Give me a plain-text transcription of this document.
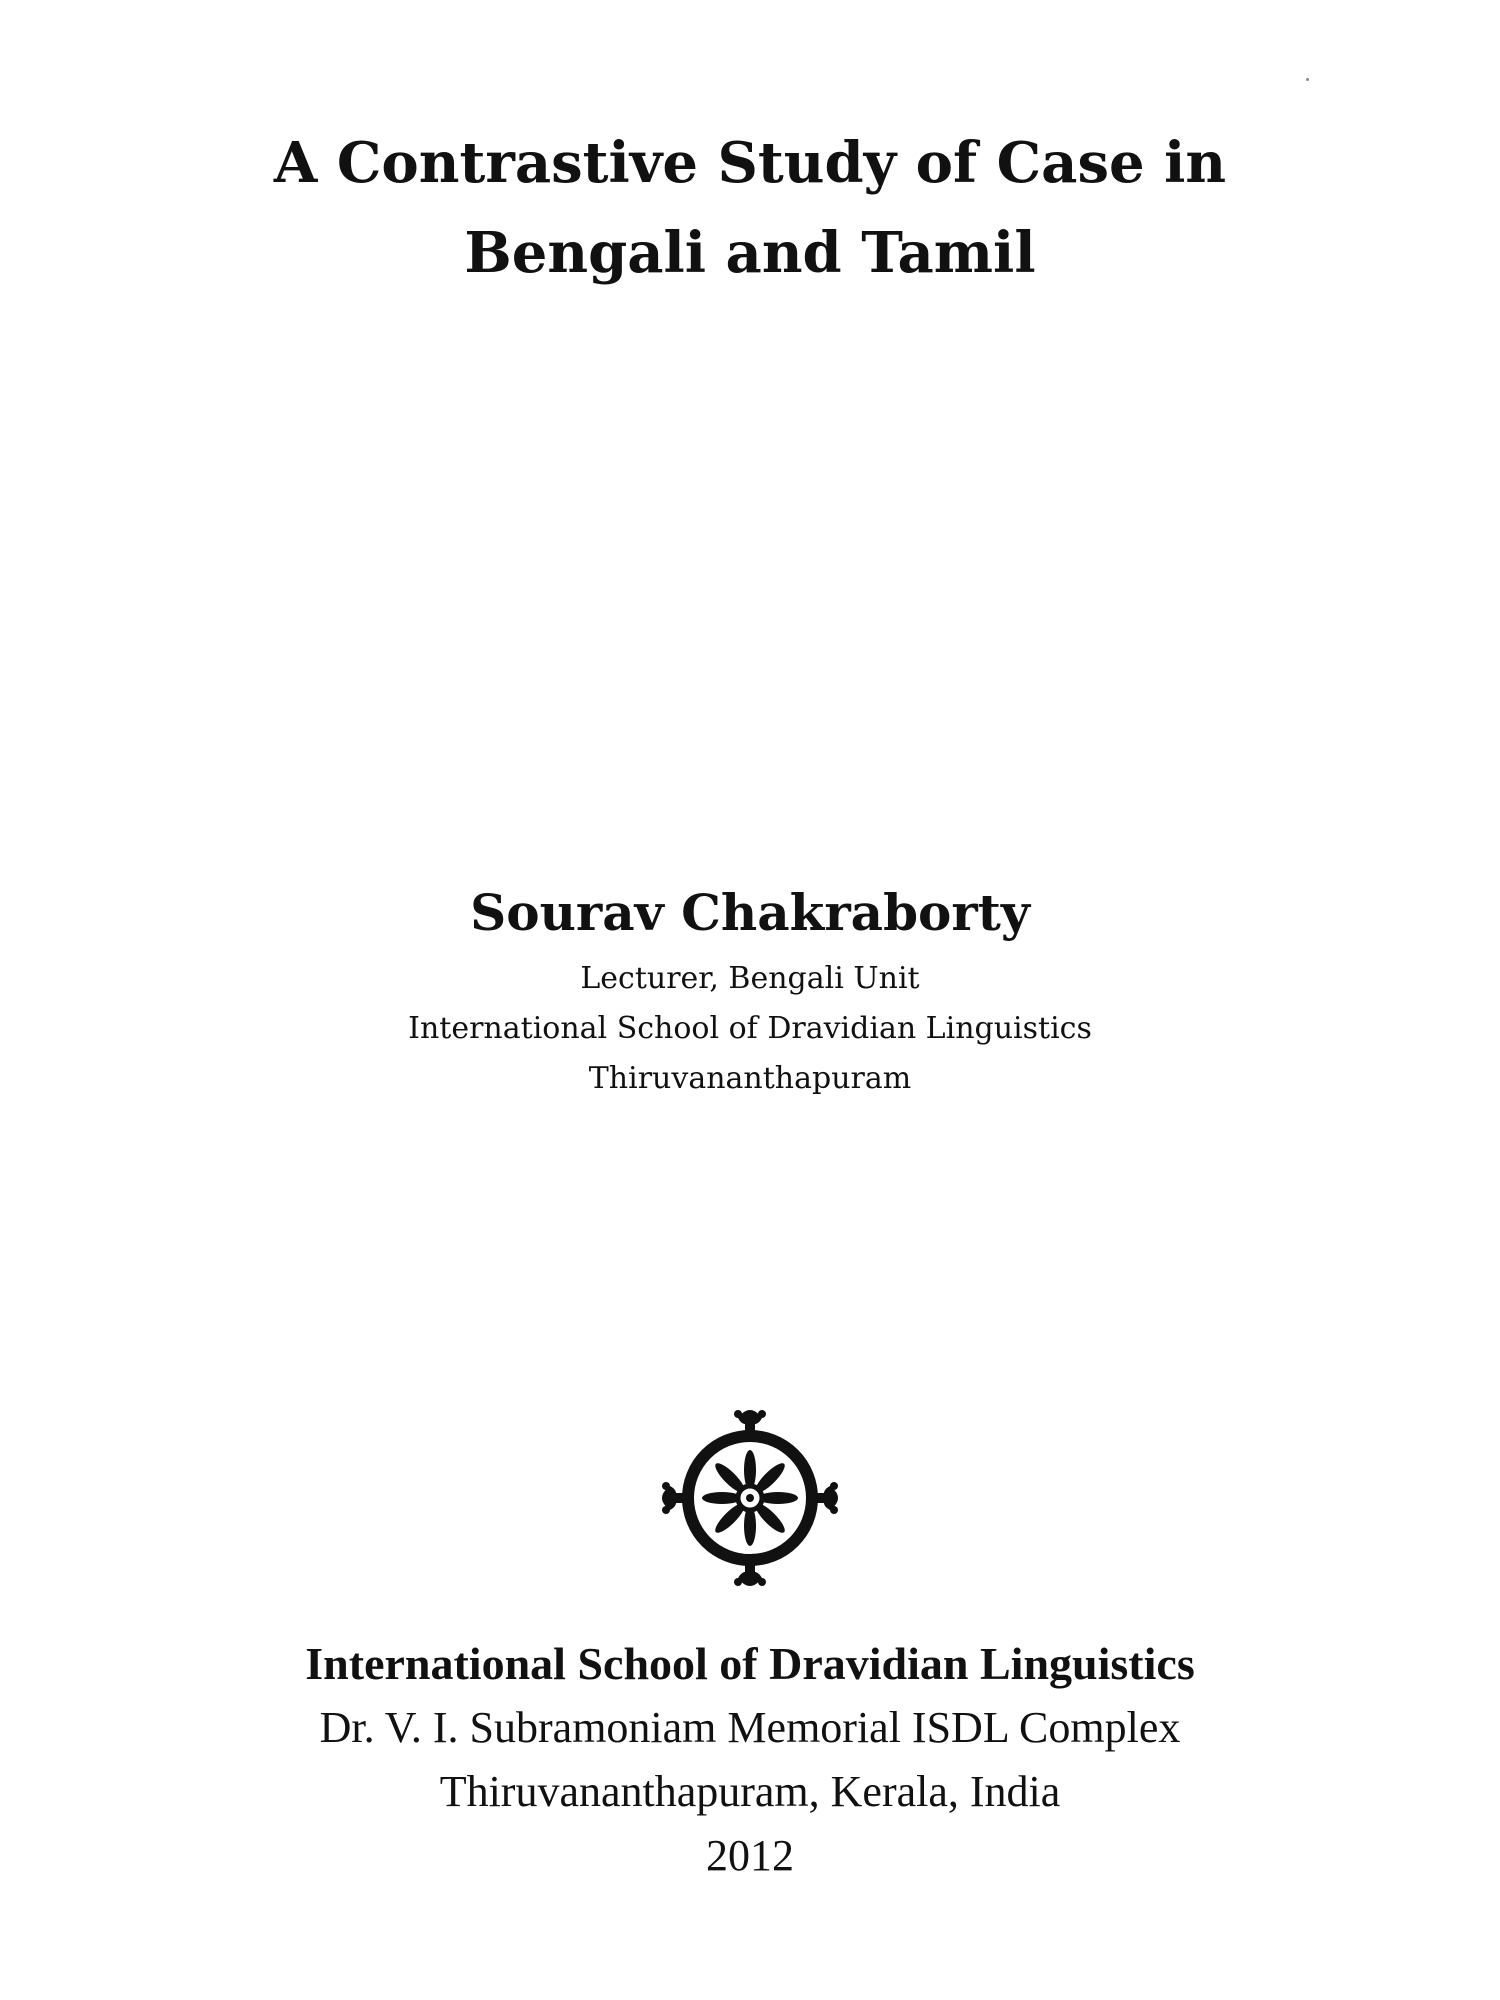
A Contrastive Study of Case in
Bengali and Tamil
Sourav Chakraborty
Lecturer, Bengali Unit
International School of Dravidian Linguistics
Thiruvananthapuram
International School of Dravidian Linguistics
Dr. V. I. Subramoniam Memorial ISDL Complex
Thiruvananthapuram, Kerala, India
2012
